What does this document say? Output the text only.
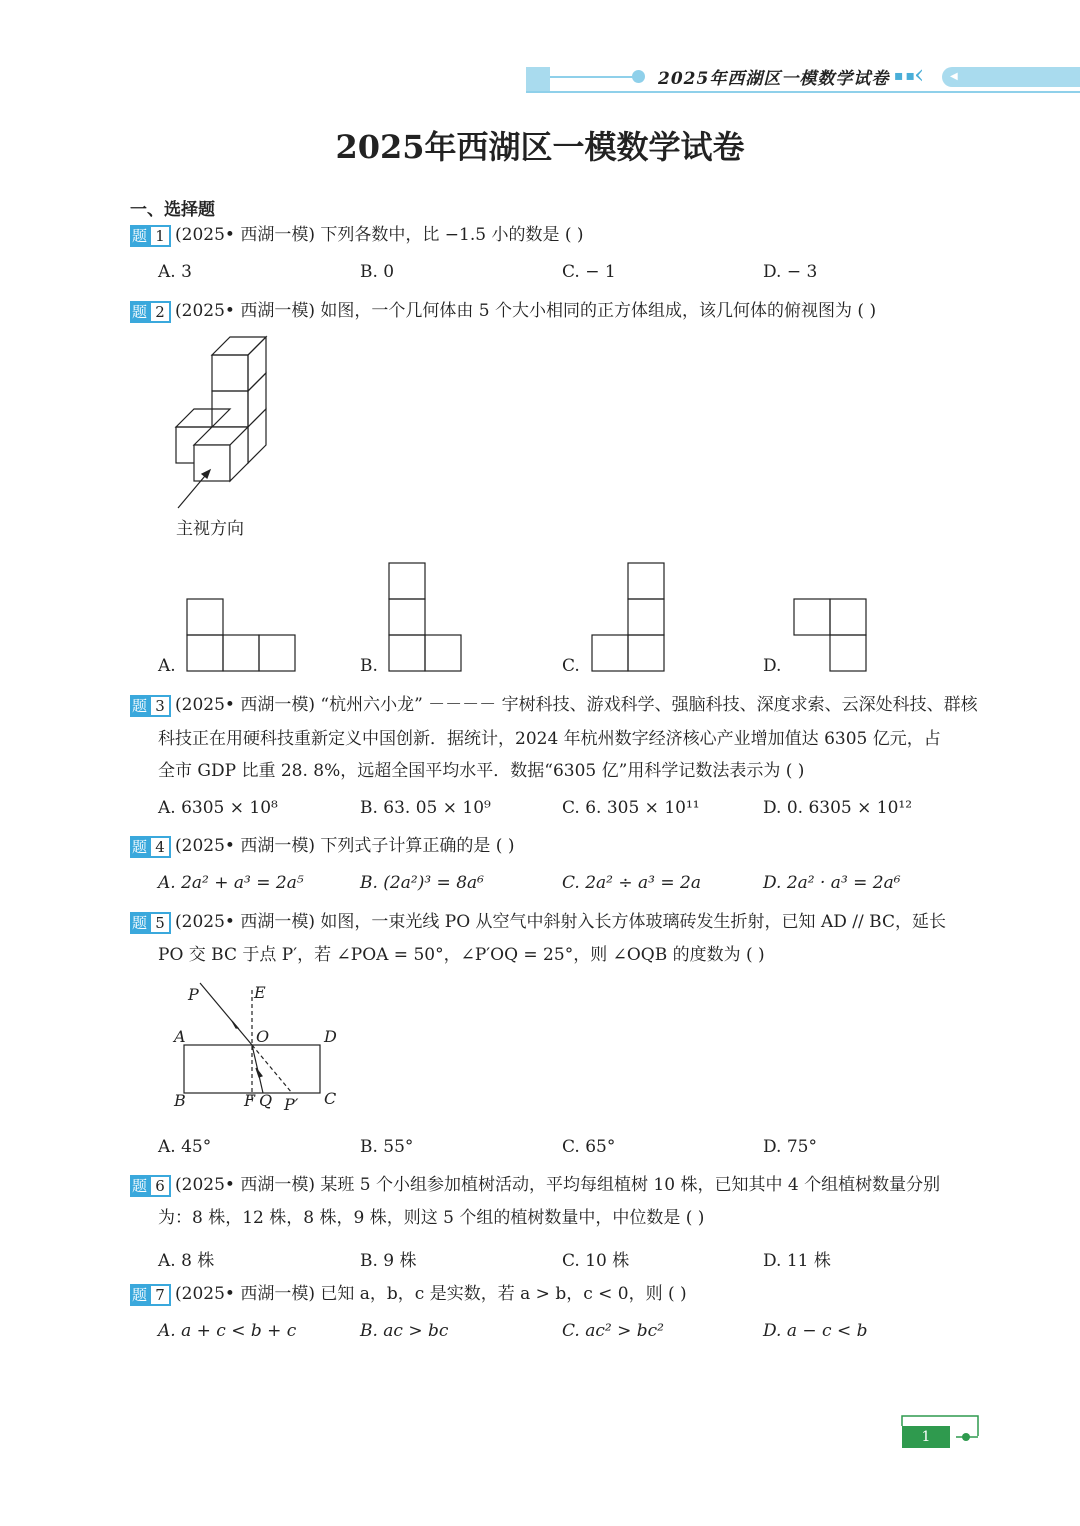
2025年西湖区一模数学试卷 ▪▪
‹	◀
2025年西湖区一模数学试卷
一、选择题
题 1 (2025• 西湖一模) 下列各数中，比 −1.5 小的数是 ( )
A. 3	B. 0	C. − 1	D. − 3
题 2 (2025• 西湖一模) 如图，一个几何体由 5 个大小相同的正方体组成，该几何体的俯视图为 ( )
主视方向
A.	B.	C.	D.
题 3 (2025• 西湖一模) “杭州六小龙” －－－－ 宇树科技、游戏科学、强脑科技、深度求索、云深处科技、群核
科技正在用硬科技重新定义中国创新．据统计，2024 年杭州数字经济核心产业增加值达 6305 亿元，占
全市 GDP 比重 28. 8%，远超全国平均水平．数据“6305 亿”用科学记数法表示为 ( )
A. 6305 × 10⁸	B. 63. 05 × 10⁹	C. 6. 305 × 10¹¹	D. 0. 6305 × 10¹²
题 4 (2025• 西湖一模) 下列式子计算正确的是 ( )
A. 2a² + a³ = 2a⁵	B. (2a²)³ = 8a⁶	C. 2a² ÷ a³ = 2a	D. 2a² · a³ = 2a⁶
题 5 (2025• 西湖一模) 如图，一束光线 PO 从空气中斜射入长方体玻璃砖发生折射，已知 AD // BC，延长
PO 交 BC 于点 P′，若 ∠POA = 50°，∠P′OQ = 25°，则 ∠OQB 的度数为 ( )
P	E
A	O	D
B	F Q P′ C
A. 45°	B. 55°	C. 65°	D. 75°
题 6 (2025• 西湖一模) 某班 5 个小组参加植树活动，平均每组植树 10 株，已知其中 4 个组植树数量分别
为：8 株，12 株，8 株，9 株，则这 5 个组的植树数量中，中位数是 ( )
A. 8 株	B. 9 株	C. 10 株	D. 11 株
题 7 (2025• 西湖一模) 已知 a，b，c 是实数，若 a > b，c < 0，则 ( )
A. a + c < b + c	B. ac > bc	C. ac² > bc²	D. a − c < b
1
